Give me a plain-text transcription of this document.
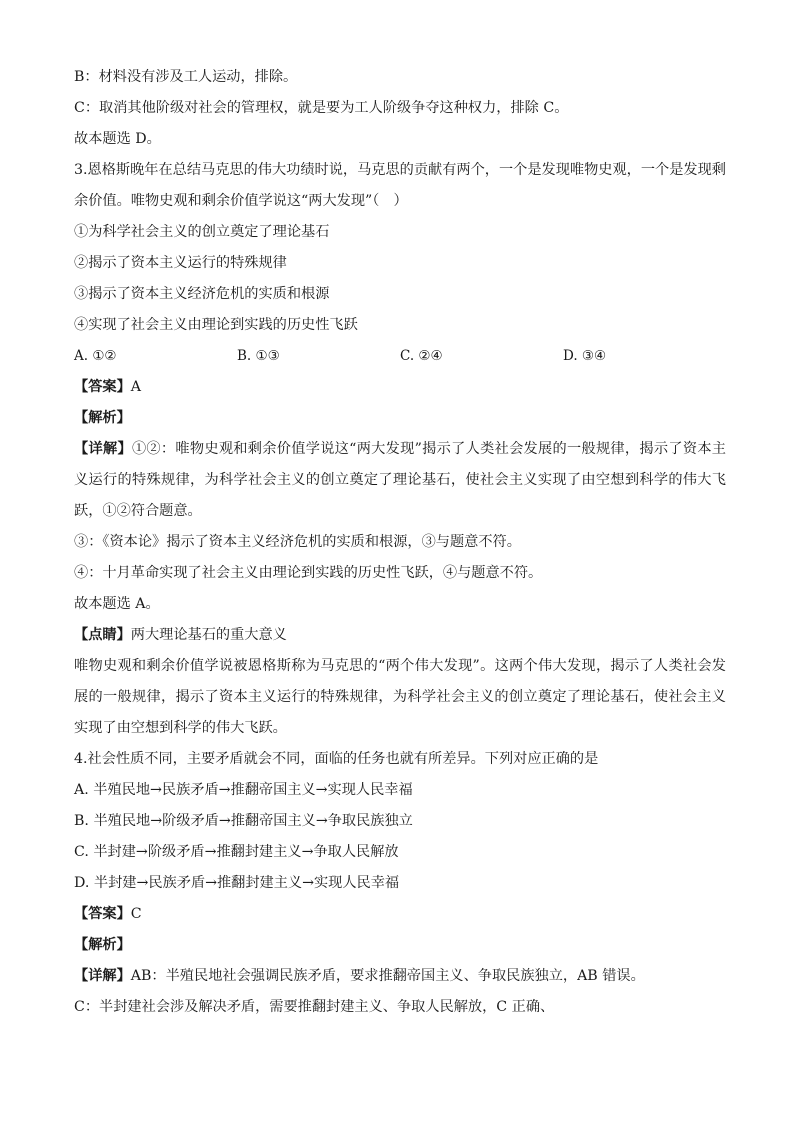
B：材料没有涉及工人运动，排除。
C：取消其他阶级对社会的管理权，就是要为工人阶级争夺这种权力，排除 C。
故本题选 D。
3.恩格斯晚年在总结马克思的伟大功绩时说，马克思的贡献有两个，一个是发现唯物史观，一个是发现剩余价值。唯物史观和剩余价值学说这“两大发现”（　）
①为科学社会主义的创立奠定了理论基石
②揭示了资本主义运行的特殊规律
③揭示了资本主义经济危机的实质和根源
④实现了社会主义由理论到实践的历史性飞跃
A. ①②	B. ①③	C. ②④	D. ③④
【答案】A
【解析】
【详解】①②：唯物史观和剩余价值学说这“两大发现”揭示了人类社会发展的一般规律，揭示了资本主义运行的特殊规律，为科学社会主义的创立奠定了理论基石，使社会主义实现了由空想到科学的伟大飞跃，①②符合题意。
③：《资本论》揭示了资本主义经济危机的实质和根源，③与题意不符。
④：十月革命实现了社会主义由理论到实践的历史性飞跃，④与题意不符。
故本题选 A。
【点睛】两大理论基石的重大意义
唯物史观和剩余价值学说被恩格斯称为马克思的“两个伟大发现”。这两个伟大发现，揭示了人类社会发展的一般规律，揭示了资本主义运行的特殊规律，为科学社会主义的创立奠定了理论基石，使社会主义实现了由空想到科学的伟大飞跃。
4.社会性质不同，主要矛盾就会不同，面临的任务也就有所差异。下列对应正确的是
A. 半殖民地→民族矛盾→推翻帝国主义→实现人民幸福
B. 半殖民地→阶级矛盾→推翻帝国主义→争取民族独立
C. 半封建→阶级矛盾→推翻封建主义→争取人民解放
D. 半封建→民族矛盾→推翻封建主义→实现人民幸福
【答案】C
【解析】
【详解】AB：半殖民地社会强调民族矛盾，要求推翻帝国主义、争取民族独立，AB 错误。
C：半封建社会涉及解决矛盾，需要推翻封建主义、争取人民解放，C 正确、
